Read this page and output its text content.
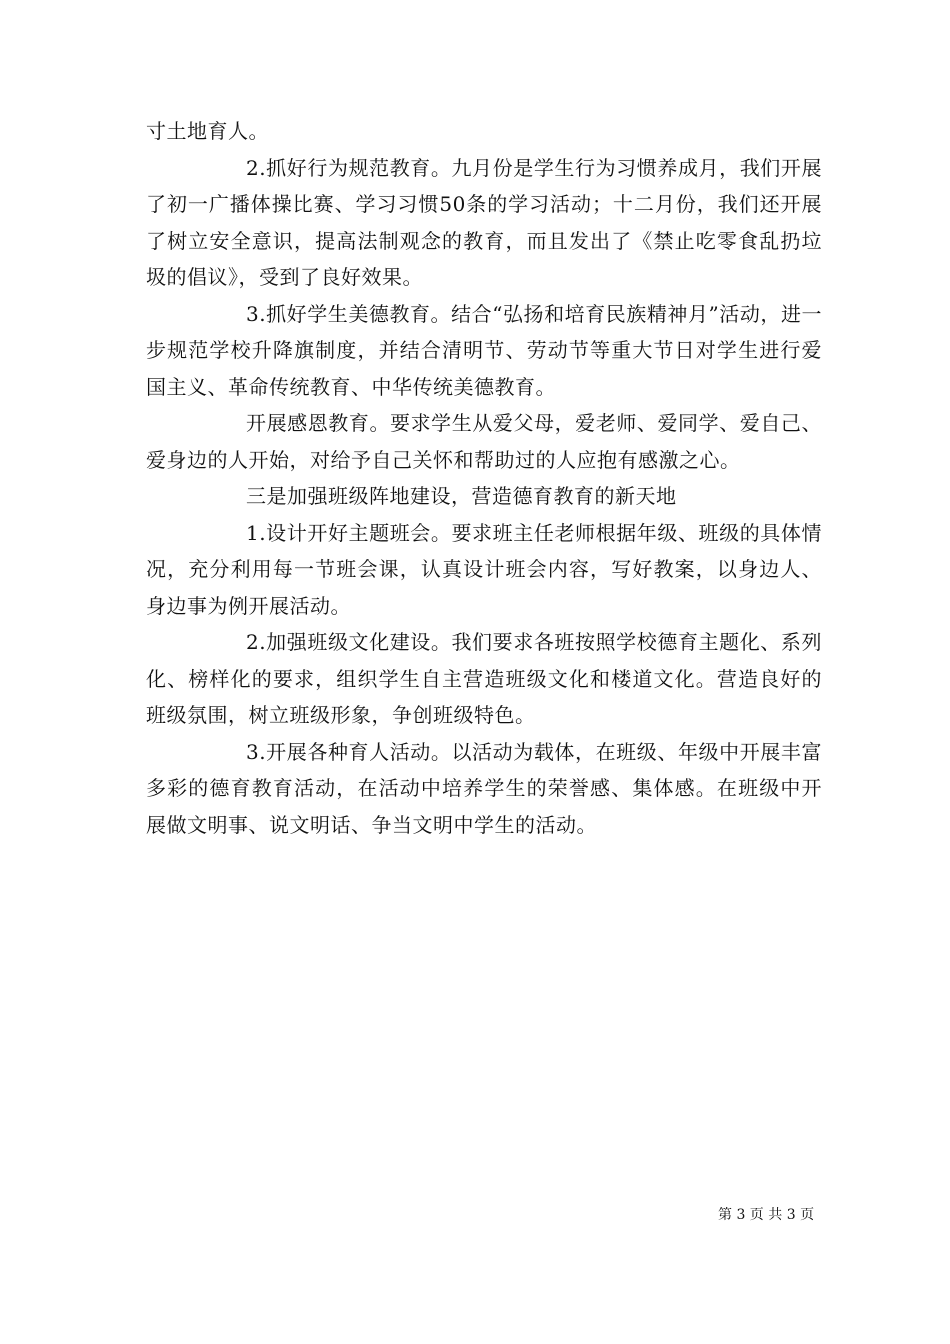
寸土地育人。

2.抓好行为规范教育。九月份是学生行为习惯养成月，我们开展了初一广播体操比赛、学习习惯50条的学习活动；十二月份，我们还开展了树立安全意识，提高法制观念的教育，而且发出了《禁止吃零食乱扔垃圾的倡议》，受到了良好效果。

3.抓好学生美德教育。结合“弘扬和培育民族精神月”活动，进一步规范学校升降旗制度，并结合清明节、劳动节等重大节日对学生进行爱国主义、革命传统教育、中华传统美德教育。

开展感恩教育。要求学生从爱父母，爱老师、爱同学、爱自己、爱身边的人开始，对给予自己关怀和帮助过的人应抱有感激之心。

三是加强班级阵地建设，营造德育教育的新天地

1.设计开好主题班会。要求班主任老师根据年级、班级的具体情况，充分利用每一节班会课，认真设计班会内容，写好教案，以身边人、身边事为例开展活动。

2.加强班级文化建设。我们要求各班按照学校德育主题化、系列化、榜样化的要求，组织学生自主营造班级文化和楼道文化。营造良好的班级氛围，树立班级形象，争创班级特色。

3.开展各种育人活动。以活动为载体，在班级、年级中开展丰富多彩的德育教育活动，在活动中培养学生的荣誉感、集体感。在班级中开展做文明事、说文明话、争当文明中学生的活动。

第 3 页 共 3 页
